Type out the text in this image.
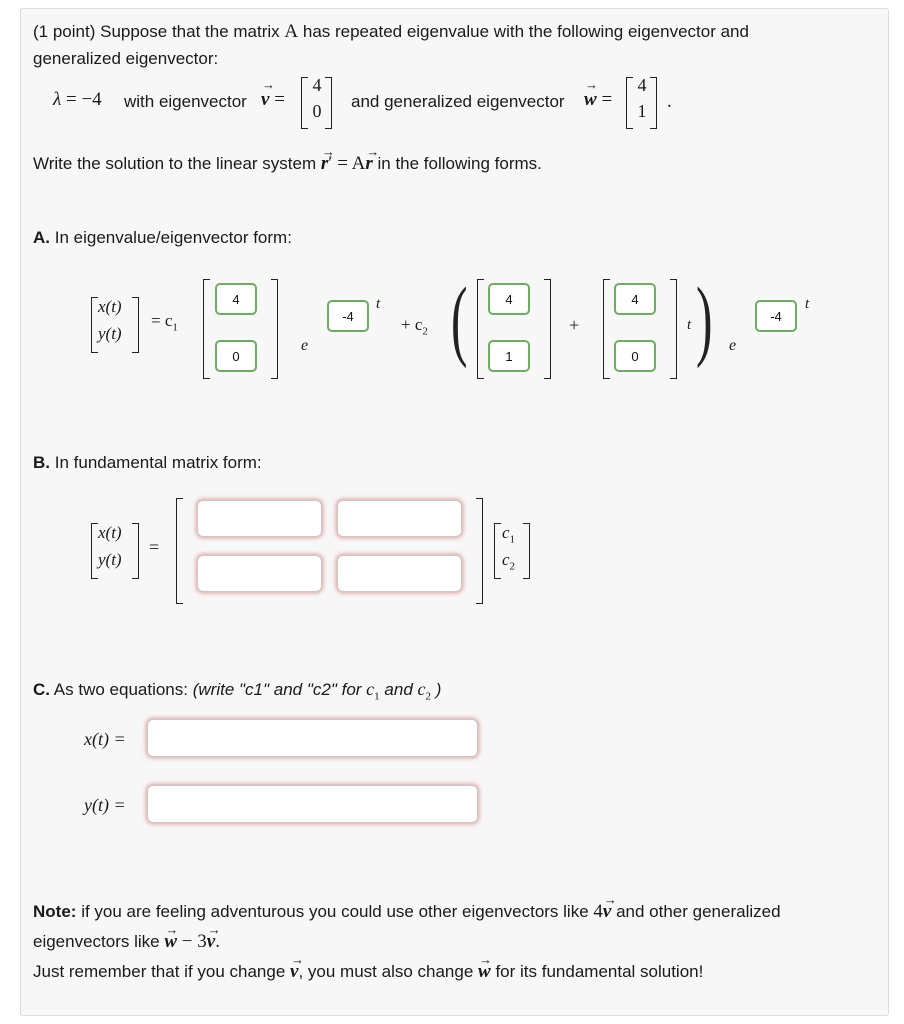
(1 point) Suppose that the matrix A has repeated eigenvalue with the following eigenvector and
generalized eigenvector:
λ = −4 with eigenvector → v =
4
0 and generalized eigenvector → w =
4
1 .
Write the solution to the linear system → r′ = A→ r in the following forms.
A. In eigenvalue/eigenvector form:
x(t)
y(t)
= $c_1$
4
0
e
-4
t
+ $c_2$ (
4
1	+
4
0	t ) e
-4
t
B. In fundamental matrix form:
x(t)
y(t)
=
$c_1$
$c_2$
C. As two equations: (write "c1" and "c2" for $c_1$ and $c_2$ )
x(t) =
y(t) =
Note: if you are feeling adventurous you could use other eigenvectors like 4→ v and other generalized
eigenvectors like → w − 3→ v.
Just remember that if you change → v, you must also change → w for its fundamental solution!
